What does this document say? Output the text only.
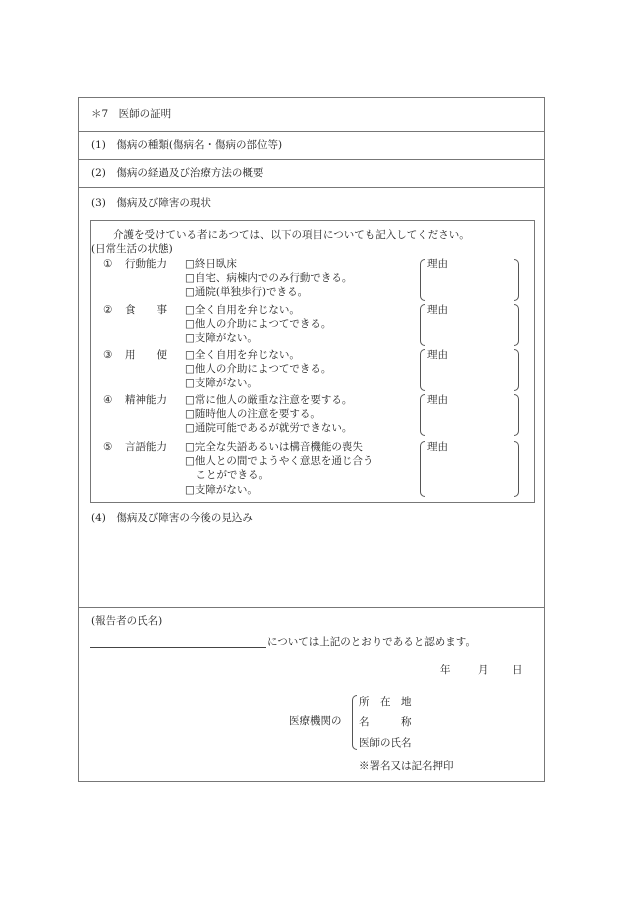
＊7　医師の証明
(1)　傷病の種類(傷病名・傷病の部位等)
(2)　傷病の経過及び治療方法の概要
(3)　傷病及び障害の現状
介護を受けている者にあつては、以下の項目についても記入してください。
(日常生活の状態)
① 行動能力 □終日臥床
□自宅、病棟内でのみ行動できる。
□通院(単独歩行)できる。
理由
② 食　　事 □全く自用を弁じない。
□他人の介助によつてできる。
□支障がない。
理由
③ 用　　便 □全く自用を弁じない。
□他人の介助によつてできる。
□支障がない。
理由
④ 精神能力 □常に他人の厳重な注意を要する。
□随時他人の注意を要する。
□通院可能であるが就労できない。
理由
⑤ 言語能力 □完全な失語あるいは構音機能の喪失
□他人との間でようやく意思を通じ合う
　ことができる。
□支障がない。
理由
(4)　傷病及び障害の今後の見込み
(報告者の氏名)
については上記のとおりであると認めます。
年	月 日
医療機関の
所　在　地
名　　　称
医師の氏名
※署名又は記名押印
